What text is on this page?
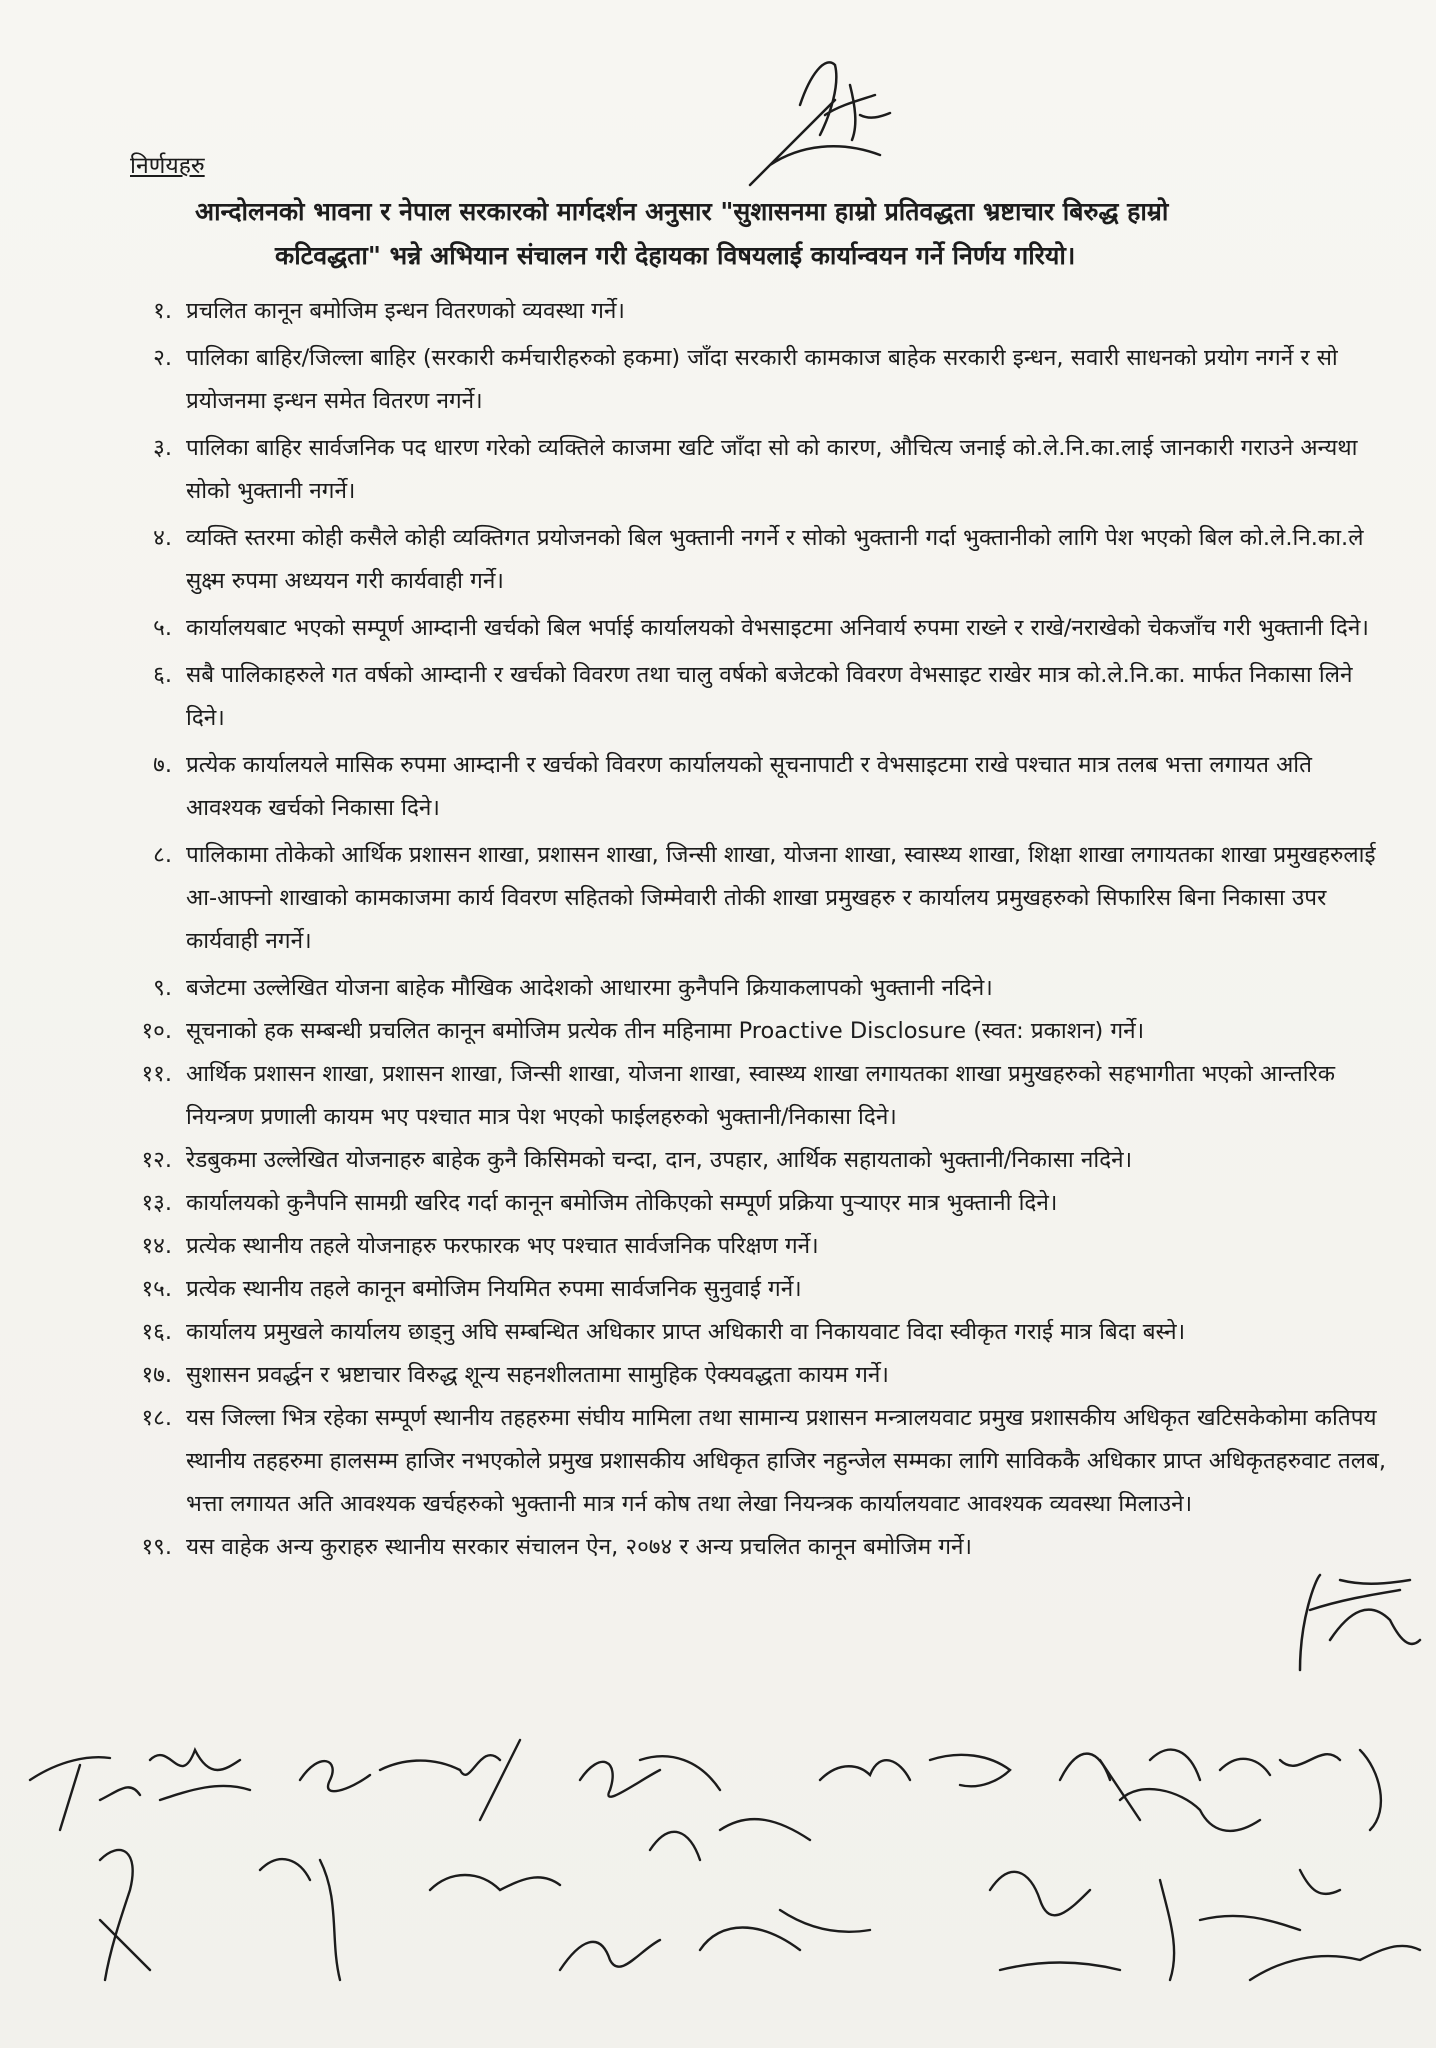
निर्णयहरु
आन्दोलनको भावना र नेपाल सरकारको मार्गदर्शन अनुसार "सुशासनमा हाम्रो प्रतिवद्धता भ्रष्टाचार बिरुद्ध हाम्रो
कटिवद्धता" भन्ने अभियान संचालन गरी देहायका विषयलाई कार्यान्वयन गर्ने निर्णय गरियो।
१. प्रचलित कानून बमोजिम इन्धन वितरणको व्यवस्था गर्ने।
२. पालिका बाहिर/जिल्ला बाहिर (सरकारी कर्मचारीहरुको हकमा) जाँदा सरकारी कामकाज बाहेक सरकारी इन्धन, सवारी साधनको प्रयोग नगर्ने र सो प्रयोजनमा इन्धन समेत वितरण नगर्ने।
३. पालिका बाहिर सार्वजनिक पद धारण गरेको व्यक्तिले काजमा खटि जाँदा सो को कारण, औचित्य जनाई को.ले.नि.का.लाई जानकारी गराउने अन्यथा सोको भुक्तानी नगर्ने।
४. व्यक्ति स्तरमा कोही कसैले कोही व्यक्तिगत प्रयोजनको बिल भुक्तानी नगर्ने र सोको भुक्तानी गर्दा भुक्तानीको लागि पेश भएको बिल को.ले.नि.का.ले सुक्ष्म रुपमा अध्ययन गरी कार्यवाही गर्ने।
५. कार्यालयबाट भएको सम्पूर्ण आम्दानी खर्चको बिल भर्पाई कार्यालयको वेभसाइटमा अनिवार्य रुपमा राख्ने र राखे/नराखेको चेकजाँच गरी भुक्तानी दिने।
६. सबै पालिकाहरुले गत वर्षको आम्दानी र खर्चको विवरण तथा चालु वर्षको बजेटको विवरण वेभसाइट राखेर मात्र को.ले.नि.का. मार्फत निकासा लिने दिने।
७. प्रत्येक कार्यालयले मासिक रुपमा आम्दानी र खर्चको विवरण कार्यालयको सूचनापाटी र वेभसाइटमा राखे पश्चात मात्र तलब भत्ता लगायत अति आवश्यक खर्चको निकासा दिने।
८. पालिकामा तोकेको आर्थिक प्रशासन शाखा, प्रशासन शाखा, जिन्सी शाखा, योजना शाखा, स्वास्थ्य शाखा, शिक्षा शाखा लगायतका शाखा प्रमुखहरुलाई आ-आफ्नो शाखाको कामकाजमा कार्य विवरण सहितको जिम्मेवारी तोकी शाखा प्रमुखहरु र कार्यालय प्रमुखहरुको सिफारिस बिना निकासा उपर कार्यवाही नगर्ने।
९. बजेटमा उल्लेखित योजना बाहेक मौखिक आदेशको आधारमा कुनैपनि क्रियाकलापको भुक्तानी नदिने।
१०. सूचनाको हक सम्बन्धी प्रचलित कानून बमोजिम प्रत्येक तीन महिनामा Proactive Disclosure (स्वत: प्रकाशन) गर्ने।
११. आर्थिक प्रशासन शाखा, प्रशासन शाखा, जिन्सी शाखा, योजना शाखा, स्वास्थ्य शाखा लगायतका शाखा प्रमुखहरुको सहभागीता भएको आन्तरिक नियन्त्रण प्रणाली कायम भए पश्चात मात्र पेश भएको फाईलहरुको भुक्तानी/निकासा दिने।
१२. रेडबुकमा उल्लेखित योजनाहरु बाहेक कुनै किसिमको चन्दा, दान, उपहार, आर्थिक सहायताको भुक्तानी/निकासा नदिने।
१३. कार्यालयको कुनैपनि सामग्री खरिद गर्दा कानून बमोजिम तोकिएको सम्पूर्ण प्रक्रिया पुऱ्याएर मात्र भुक्तानी दिने।
१४. प्रत्येक स्थानीय तहले योजनाहरु फरफारक भए पश्चात सार्वजनिक परिक्षण गर्ने।
१५. प्रत्येक स्थानीय तहले कानून बमोजिम नियमित रुपमा सार्वजनिक सुनुवाई गर्ने।
१६. कार्यालय प्रमुखले कार्यालय छाड्नु अघि सम्बन्धित अधिकार प्राप्त अधिकारी वा निकायवाट विदा स्वीकृत गराई मात्र बिदा बस्ने।
१७. सुशासन प्रवर्द्धन र भ्रष्टाचार विरुद्ध शून्य सहनशीलतामा सामुहिक ऐक्यवद्धता कायम गर्ने।
१८. यस जिल्ला भित्र रहेका सम्पूर्ण स्थानीय तहहरुमा संघीय मामिला तथा सामान्य प्रशासन मन्त्रालयवाट प्रमुख प्रशासकीय अधिकृत खटिसकेकोमा कतिपय स्थानीय तहहरुमा हालसम्म हाजिर नभएकोले प्रमुख प्रशासकीय अधिकृत हाजिर नहुन्जेल सम्मका लागि साविककै अधिकार प्राप्त अधिकृतहरुवाट तलब, भत्ता लगायत अति आवश्यक खर्चहरुको भुक्तानी मात्र गर्न कोष तथा लेखा नियन्त्रक कार्यालयवाट आवश्यक व्यवस्था मिलाउने।
१९. यस वाहेक अन्य कुराहरु स्थानीय सरकार संचालन ऐन, २०७४ र अन्य प्रचलित कानून बमोजिम गर्ने।
